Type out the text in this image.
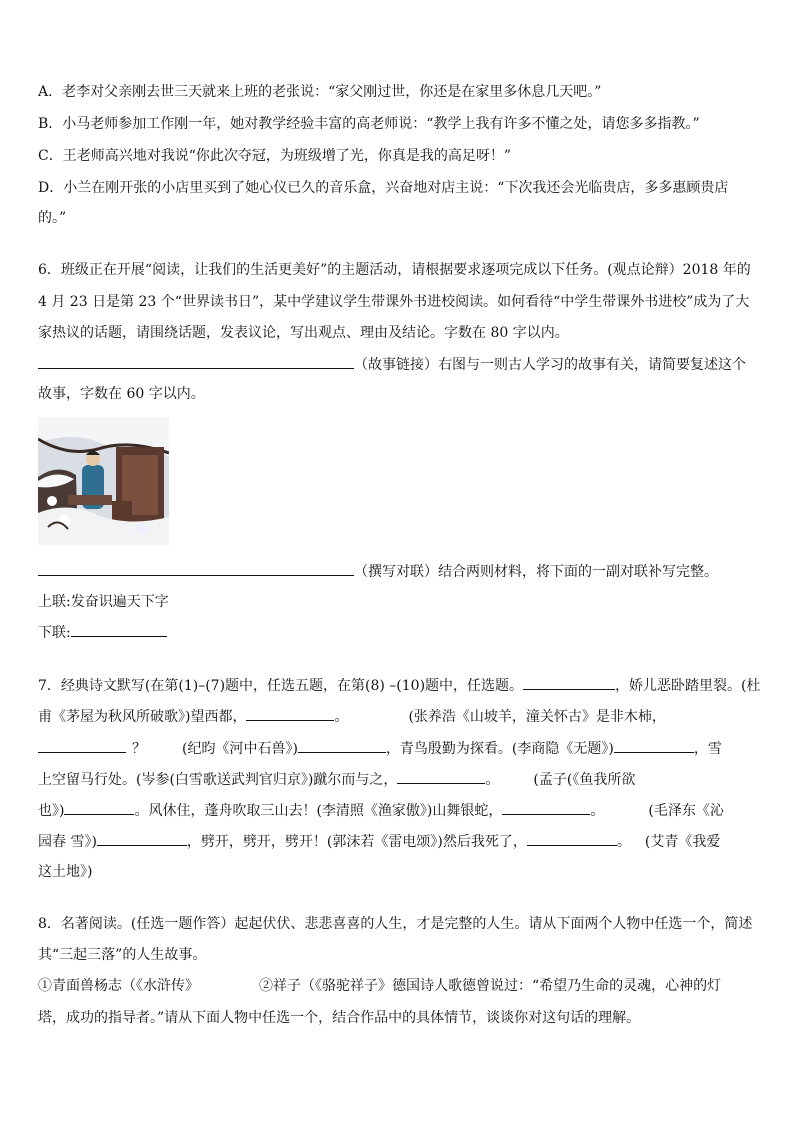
A．老李对父亲刚去世三天就来上班的老张说：“家父刚过世，你还是在家里多休息几天吧。”
B．小马老师参加工作刚一年，她对教学经验丰富的高老师说：“教学上我有许多不懂之处，请您多多指教。”
C．王老师高兴地对我说“你此次夺冠，为班级增了光，你真是我的高足呀！”
D．小兰在刚开张的小店里买到了她心仪已久的音乐盒，兴奋地对店主说：“下次我还会光临贵店，多多惠顾贵店
的。”
6．班级正在开展“阅读，让我们的生活更美好”的主题活动，请根据要求逐项完成以下任务。(观点论辩）2018 年的
4 月 23 日是第 23 个“世界读书日”，某中学建议学生带课外书进校阅读。如何看待“中学生带课外书进校”成为了大
家热议的话题，请围绕话题，发表议论，写出观点、理由及结论。字数在 80 字以内。
（故事链接）右图与一则古人学习的故事有关，请简要复述这个
故事，字数在 60 字以内。
（撰写对联）结合两则材料，将下面的一副对联补写完整。
上联:发奋识遍天下字
下联:
7．经典诗文默写(在第(1)–(7)题中，任选五题，在第(8) –(10)题中，任选题。	，娇儿恶卧踏里裂。(杜
甫《茅屋为秋风所破歌》)望西都，	。	(张养浩《山坡羊，潼关怀古》是非木柿，
？	(纪昀《河中石兽》)	，青鸟殷勤为探看。(李商隐《无题》)	，雪
上空留马行处。(岑参(白雪歌送武判官归京》)蹴尔而与之，	。 (孟子(《鱼我所欲
也》)	。风休住，蓬舟吹取三山去！(李清照《渔家傲》)山舞银蛇，	。	(毛泽东《沁
园春 雪》)	，劈开，劈开，劈开！(郭沫若《雷电颂》)然后我死了，	。 (艾青《我爱
这土地》)
8．名著阅读。(任选一题作答）起起伏伏、悲悲喜喜的人生，才是完整的人生。请从下面两个人物中任选一个，简述
其“三起三落”的人生故事。
①青面兽杨志（《水浒传》	②祥子（《骆驼祥子》德国诗人歌德曾说过：“希望乃生命的灵魂，心神的灯
塔，成功的指导者。”请从下面人物中任选一个，结合作品中的具体情节，谈谈你对这句话的理解。
